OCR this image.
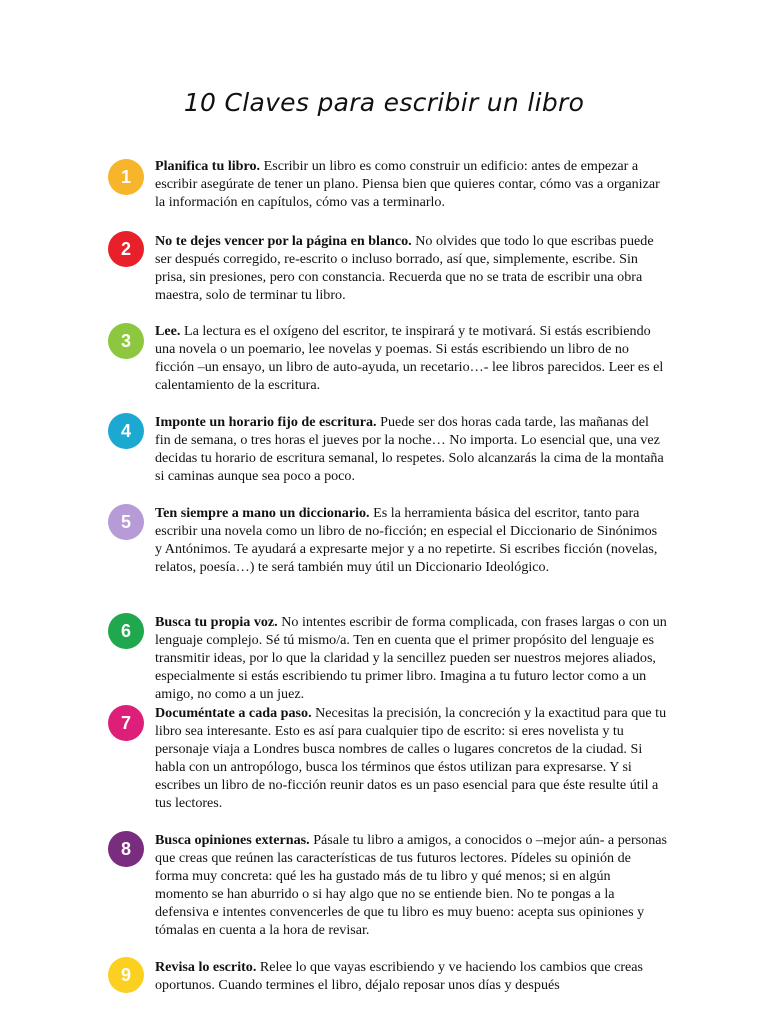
10 Claves para escribir un libro
1

Planifica tu libro. Escribir un libro es como construir un edificio: antes de empezar a escribir asegúrate de tener un plano. Piensa bien que quieres contar, cómo vas a organizar la información en capítulos, cómo vas a terminarlo.

2	No te dejes vencer por la página en blanco. No olvides que todo lo que escribas puede ser después corregido, re-escrito o incluso borrado, así que, simplemente, escribe. Sin prisa, sin presiones, pero con constancia. Recuerda que no se trata de escribir una obra maestra, solo de terminar tu libro.

3	Lee. La lectura es el oxígeno del escritor, te inspirará y te motivará. Si estás escribiendo una novela o un poemario, lee novelas y poemas. Si estás escribiendo un libro de no ficción –un ensayo, un libro de auto-ayuda, un recetario…- lee libros parecidos. Leer es el calentamiento de la escritura.

4	Imponte un horario fijo de escritura. Puede ser dos horas cada tarde, las mañanas del fin de semana, o tres horas el jueves por la noche… No importa. Lo esencial que, una vez decidas tu horario de escritura semanal, lo respetes. Solo alcanzarás la cima de la montaña si caminas aunque sea poco a poco.

5	Ten siempre a mano un diccionario. Es la herramienta básica del escritor, tanto para escribir una novela como un libro de no-ficción; en especial el Diccionario de Sinónimos y Antónimos. Te ayudará a expresarte mejor y a no repetirte. Si escribes ficción (novelas, relatos, poesía…) te será también muy útil un Diccionario Ideológico.

6	Busca tu propia voz. No intentes escribir de forma complicada, con frases largas o con un lenguaje complejo. Sé tú mismo/a. Ten en cuenta que el primer propósito del lenguaje es transmitir ideas, por lo que la claridad y la sencillez pueden ser nuestros mejores aliados, especialmente si estás escribiendo tu primer libro. Imagina a tu futuro lector como a un amigo, no como a un juez.

7	Documéntate a cada paso. Necesitas la precisión, la concreción y la exactitud para que tu libro sea interesante. Esto es así para cualquier tipo de escrito: si eres novelista y tu personaje viaja a Londres busca nombres de calles o lugares concretos de la ciudad. Si habla con un antropólogo, busca los términos que éstos utilizan para expresarse. Y si escribes un libro de no-ficción reunir datos es un paso esencial para que éste resulte útil a tus lectores.

8	Busca opiniones externas. Pásale tu libro a amigos, a conocidos o –mejor aún- a personas que creas que reúnen las características de tus futuros lectores. Pídeles su opinión de forma muy concreta: qué les ha gustado más de tu libro y qué menos; si en algún momento se han aburrido o si hay algo que no se entiende bien. No te pongas a la defensiva e intentes convencerles de que tu libro es muy bueno: acepta sus opiniones y tómalas en cuenta a la hora de revisar.

9	Revisa lo escrito. Relee lo que vayas escribiendo y ve haciendo los cambios que creas oportunos. Cuando termines el libro, déjalo reposar unos días y después
